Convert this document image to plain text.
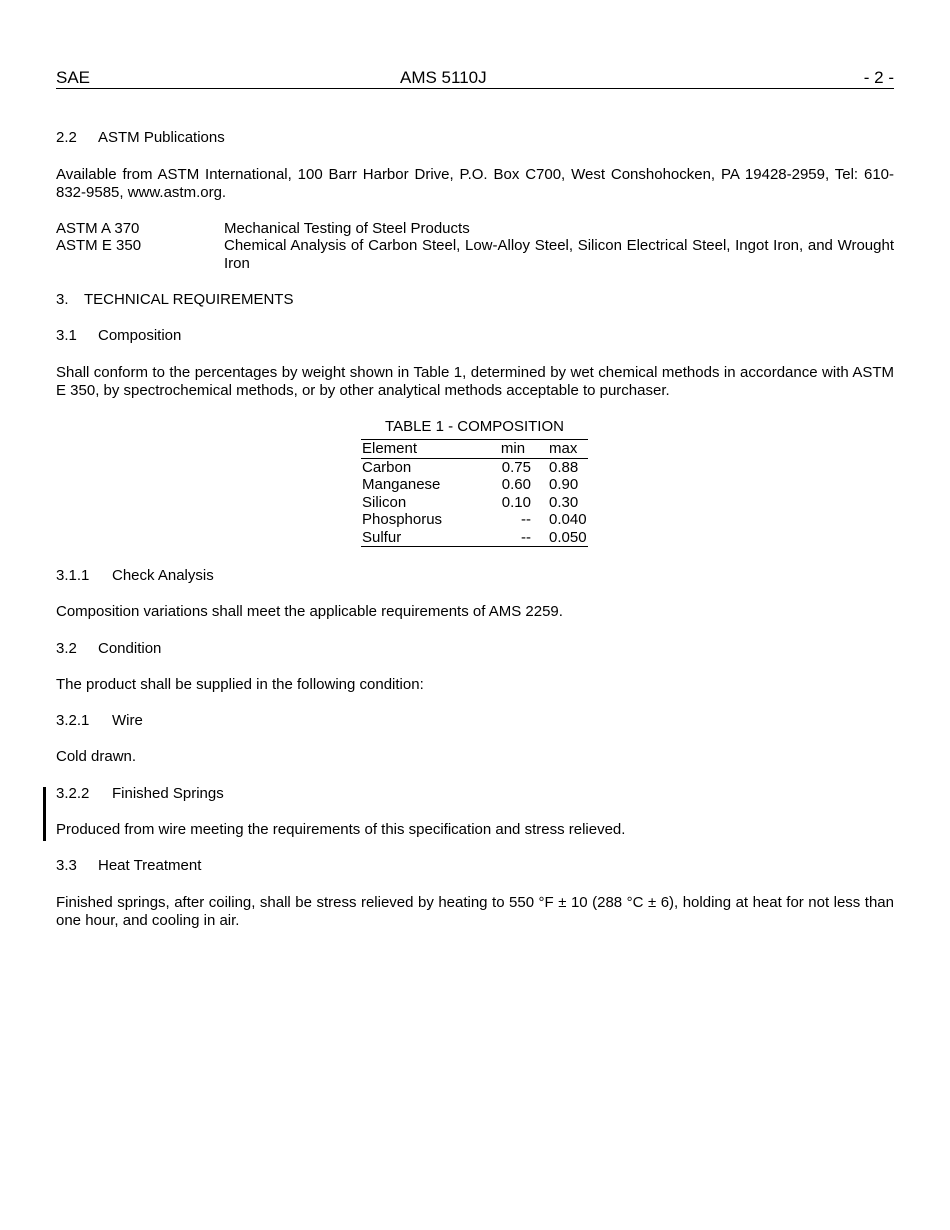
SAE	AMS 5110J	- 2 -
2.2 ASTM Publications
Available from ASTM International, 100 Barr Harbor Drive, P.O. Box C700, West Conshohocken, PA 19428-2959, Tel: 610-832-9585, www.astm.org.
ASTM A 370	Mechanical Testing of Steel Products
ASTM E 350	Chemical Analysis of Carbon Steel, Low-Alloy Steel, Silicon Electrical Steel, Ingot Iron, and Wrought Iron
3. TECHNICAL REQUIREMENTS
3.1 Composition
Shall conform to the percentages by weight shown in Table 1, determined by wet chemical methods in accordance with ASTM E 350, by spectrochemical methods, or by other analytical methods acceptable to purchaser.
TABLE 1 - COMPOSITION
Element	min	max
Carbon	0.75	0.88
Manganese	0.60	0.90
Silicon	0.10	0.30
Phosphorus	--	0.040
Sulfur	--	0.050
3.1.1 Check Analysis
Composition variations shall meet the applicable requirements of AMS 2259.
3.2 Condition
The product shall be supplied in the following condition:
3.2.1 Wire
Cold drawn.
3.2.2 Finished Springs
Produced from wire meeting the requirements of this specification and stress relieved.
3.3 Heat Treatment
Finished springs, after coiling, shall be stress relieved by heating to 550 °F ± 10 (288 °C ± 6), holding at heat for not less than one hour, and cooling in air.
